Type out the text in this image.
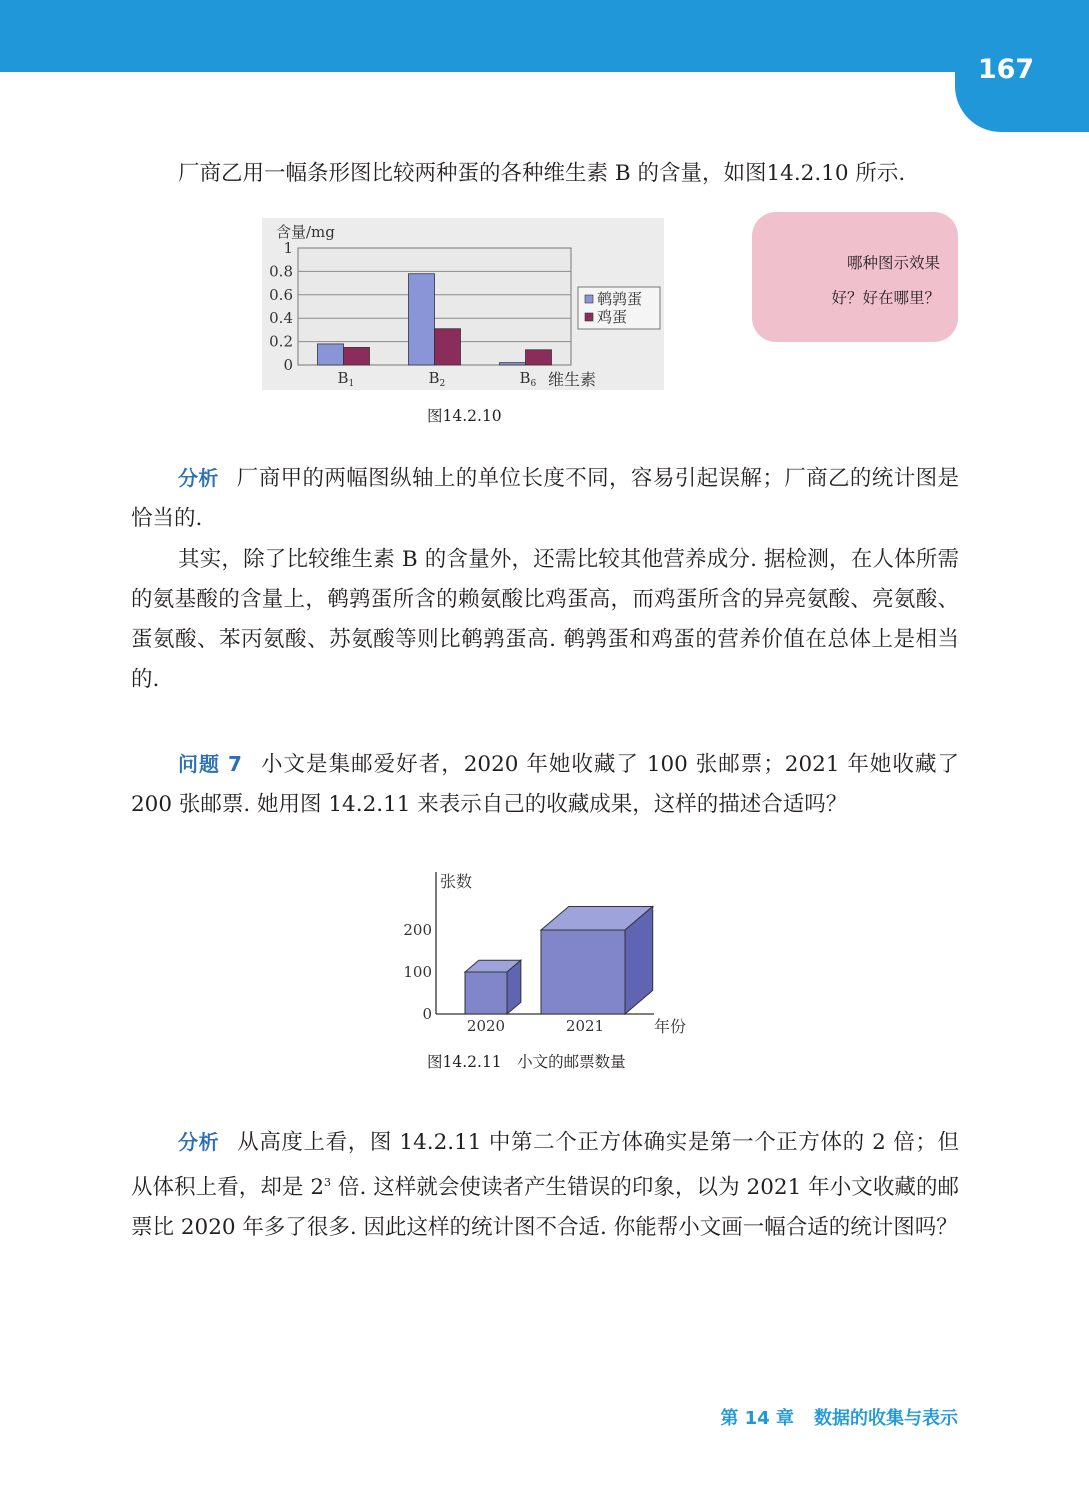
167

厂商乙用一幅条形图比较两种蛋的各种维生素 B 的含量，如图14.2.10 所示.

1
0.8
0.6
0.4
0.2
0
$B_1$	$B_2$	$B_6$
含量/mg
维生素
鹌鹑蛋
鸡蛋
图14.2.10
哪种图示效果
好？好在哪里？

分析 厂商甲的两幅图纵轴上的单位长度不同，容易引起误解；厂商乙的统计图是恰当的.

其实，除了比较维生素 B 的含量外，还需比较其他营养成分. 据检测，在人体所需的氨基酸的含量上，鹌鹑蛋所含的赖氨酸比鸡蛋高，而鸡蛋所含的异亮氨酸、亮氨酸、蛋氨酸、苯丙氨酸、苏氨酸等则比鹌鹑蛋高. 鹌鹑蛋和鸡蛋的营养价值在总体上是相当的.

问题 7 小文是集邮爱好者，2020 年她收藏了 100 张邮票；2021 年她收藏了 200 张邮票. 她用图 14.2.11 来表示自己的收藏成果，这样的描述合适吗？

张数
年份
200
100
0
2020	2021
图14.2.11　小文的邮票数量

分析 从高度上看，图 14.2.11 中第二个正方体确实是第一个正方体的 2 倍；但从体积上看，却是 $2^3$ 倍. 这样就会使读者产生错误的印象，以为 2021 年小文收藏的邮票比 2020 年多了很多. 因此这样的统计图不合适. 你能帮小文画一幅合适的统计图吗？

第 14 章 数据的收集与表示
